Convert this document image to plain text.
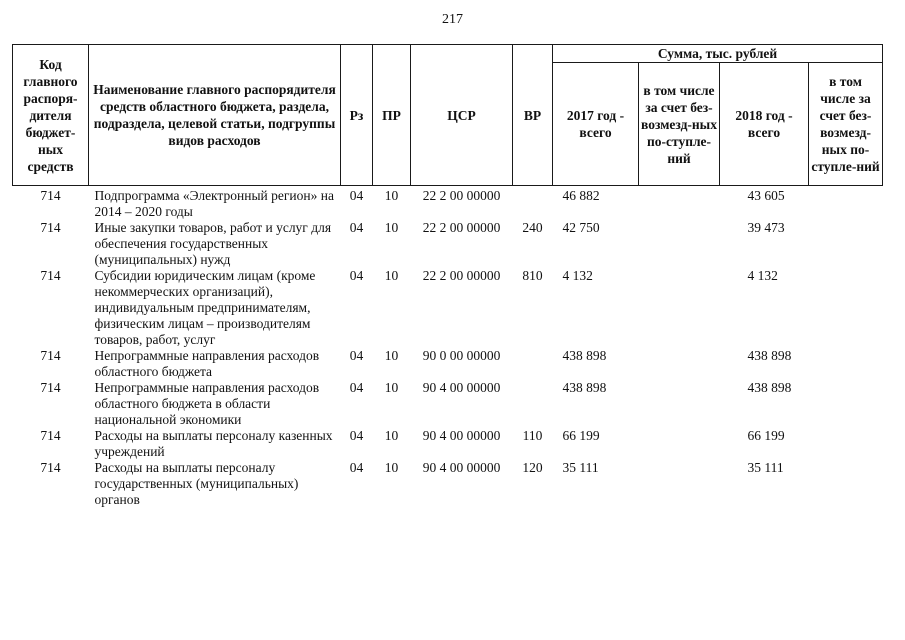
217
Код главного распоря-дителя бюджет-ных средств	Наименование главного распорядителя средств областного бюджета, раздела, подраздела, целевой статьи, подгруппы видов расходов	Рз	ПР	ЦСР	ВР	Сумма, тыс. рублей			
						2017 год - всего	в том числе за счет без-возмезд-ных по-ступле-ний	2018 год - всего	в том числе за счет без-возмезд-ных по-ступле-ний

714	Подпрограмма «Электронный регион» на 2014 – 2020 годы	04	10	22 2 00 00000		46 882		43 605	
714	Иные закупки товаров, работ и услуг для обеспечения государственных (муниципальных) нужд	04	10	22 2 00 00000	240	42 750		39 473	
714	Субсидии юридическим лицам (кроме некоммерческих организаций), индивидуальным предпринимателям, физическим лицам – производителям товаров, работ, услуг	04	10	22 2 00 00000	810	4 132		4 132	
714	Непрограммные направления расходов областного бюджета	04	10	90 0 00 00000		438 898		438 898	
714	Непрограммные направления расходов областного бюджета в области национальной экономики	04	10	90 4 00 00000		438 898		438 898	
714	Расходы на выплаты персоналу казенных учреждений	04	10	90 4 00 00000	110	66 199		66 199	
714	Расходы на выплаты персоналу государственных (муниципальных) органов	04	10	90 4 00 00000	120	35 111		35 111	
